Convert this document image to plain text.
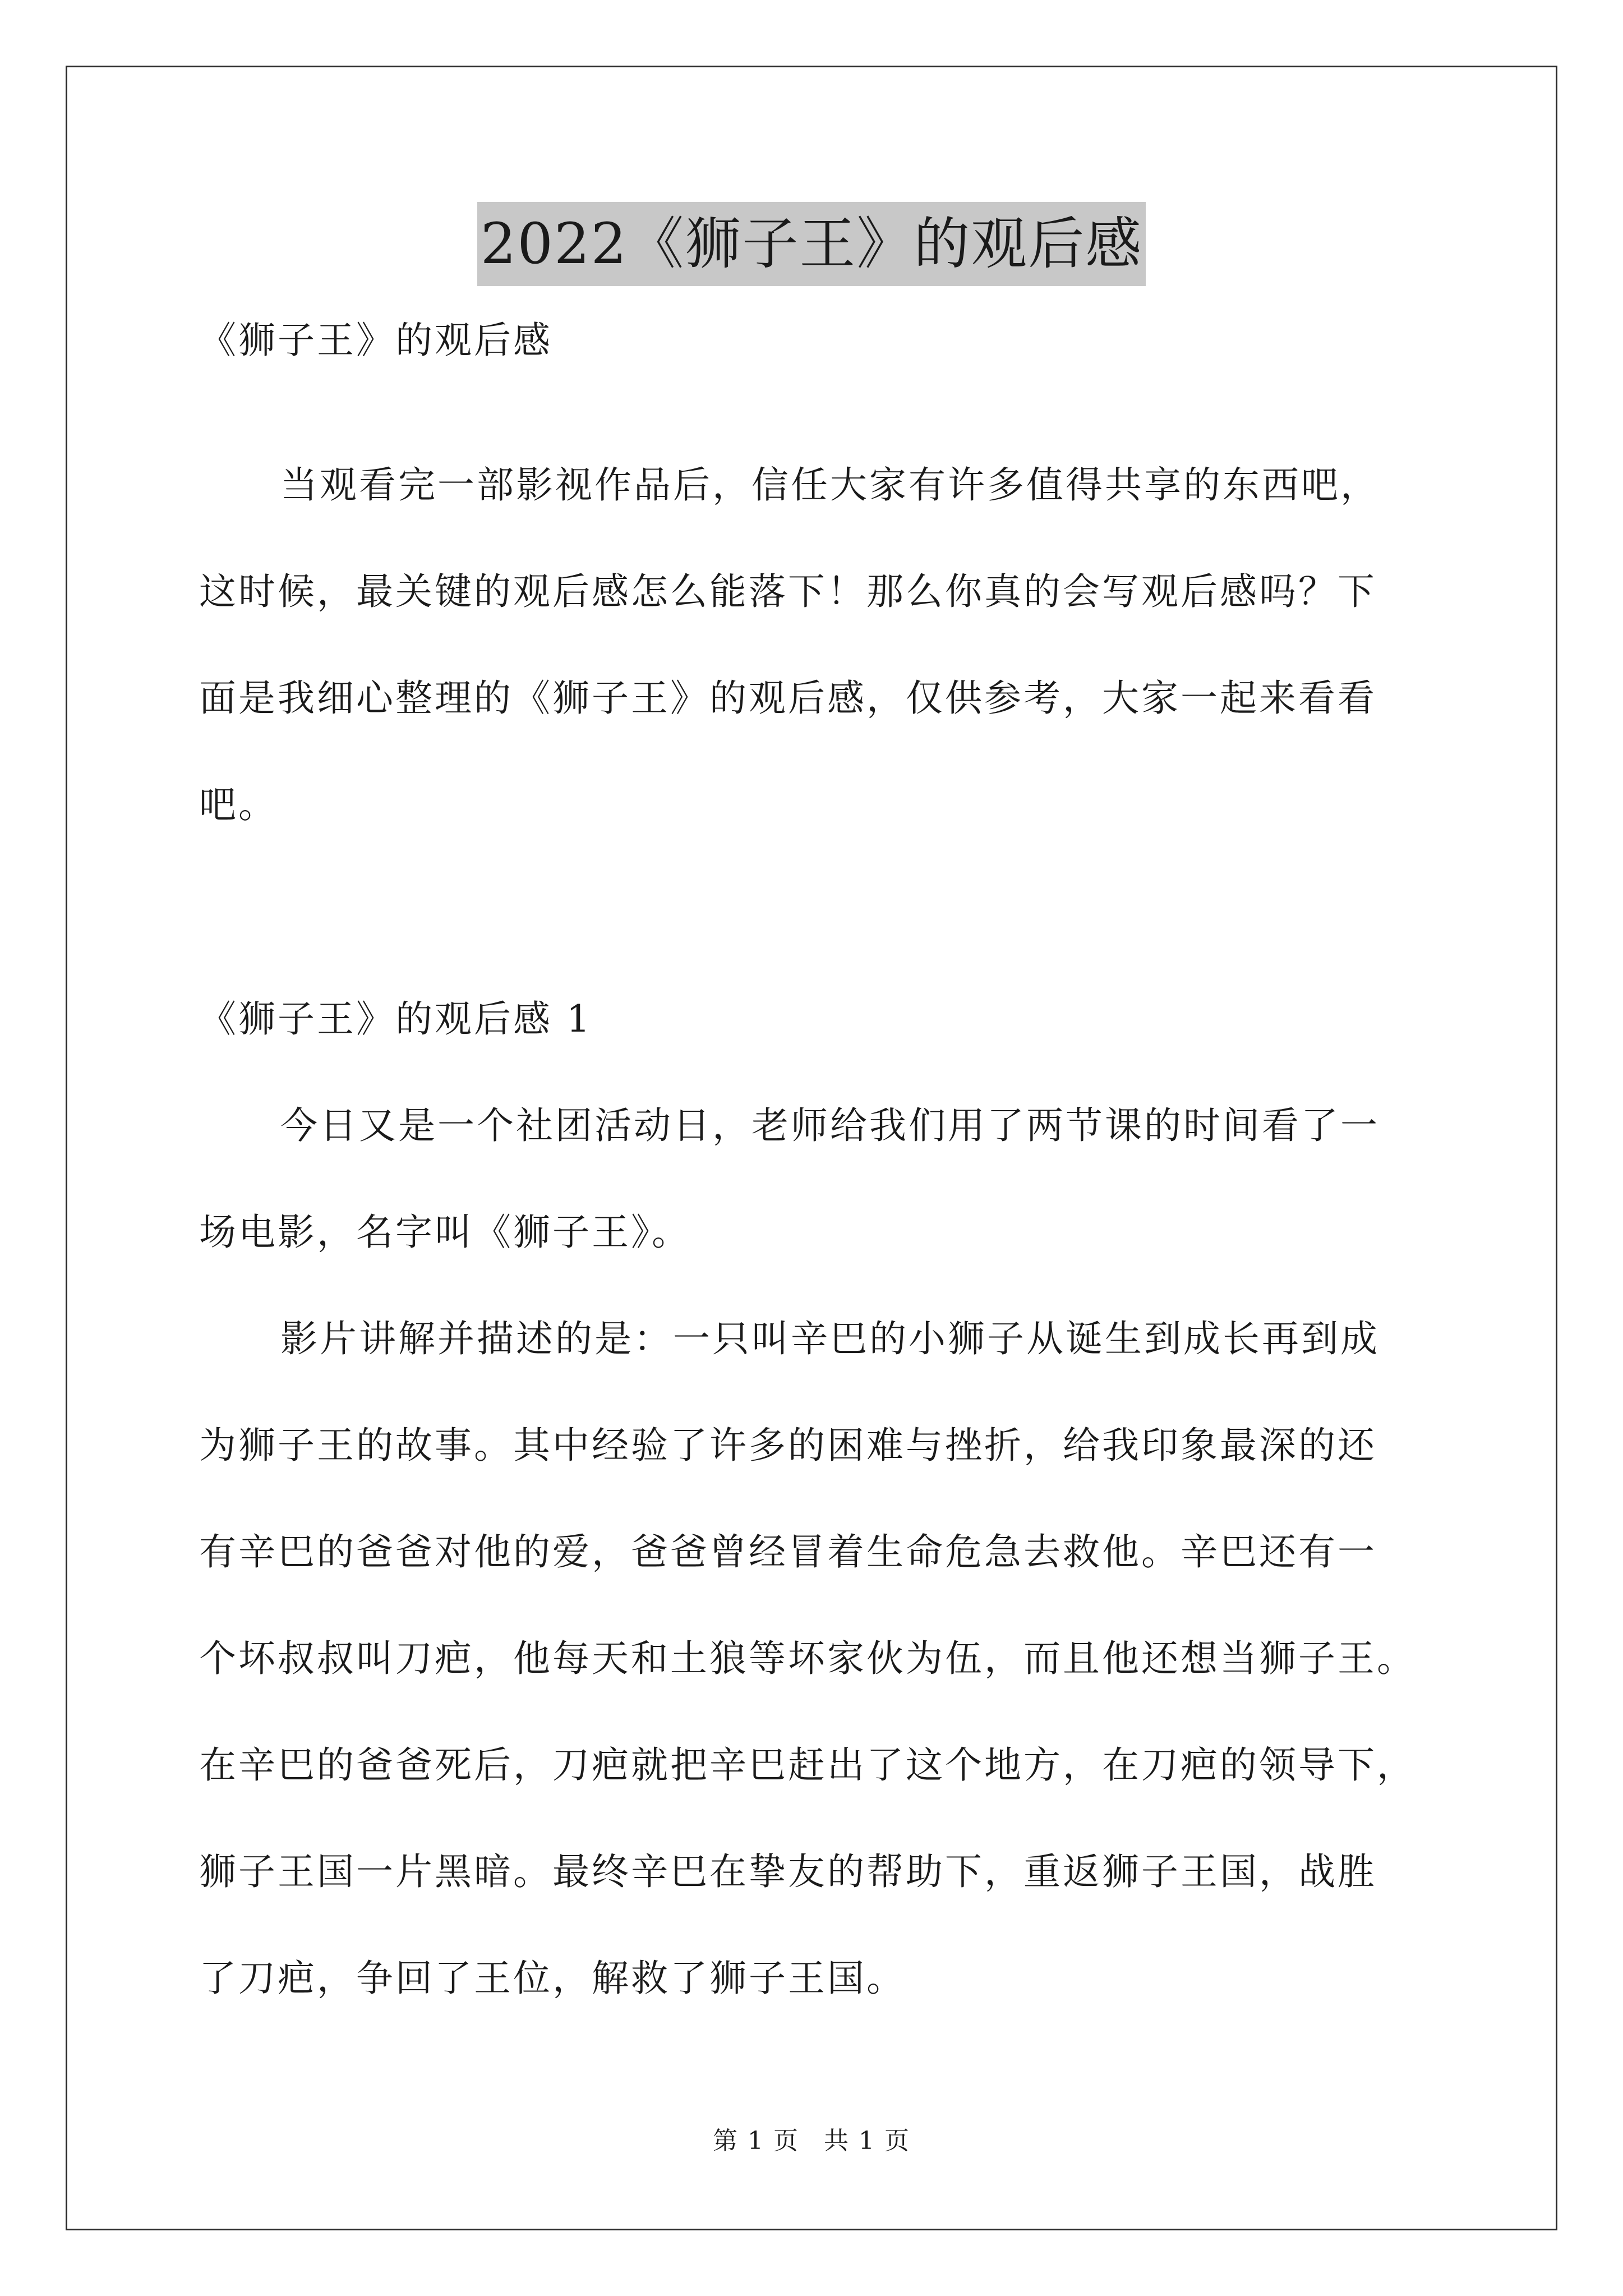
2022《狮子王》的观后感
《狮子王》的观后感
当观看完一部影视作品后，信任大家有许多值得共享的东西吧，
这时候，最关键的观后感怎么能落下！那么你真的会写观后感吗？下
面是我细心整理的《狮子王》的观后感，仅供参考，大家一起来看看
吧。
《狮子王》的观后感 1
今日又是一个社团活动日，老师给我们用了两节课的时间看了一
场电影，名字叫《狮子王》。
影片讲解并描述的是：一只叫辛巴的小狮子从诞生到成长再到成
为狮子王的故事。其中经验了许多的困难与挫折，给我印象最深的还
有辛巴的爸爸对他的爱，爸爸曾经冒着生命危急去救他。辛巴还有一
个坏叔叔叫刀疤，他每天和土狼等坏家伙为伍，而且他还想当狮子王。
在辛巴的爸爸死后，刀疤就把辛巴赶出了这个地方，在刀疤的领导下，
狮子王国一片黑暗。最终辛巴在挚友的帮助下，重返狮子王国，战胜
了刀疤，争回了王位，解救了狮子王国。
第 1 页 共 1 页
